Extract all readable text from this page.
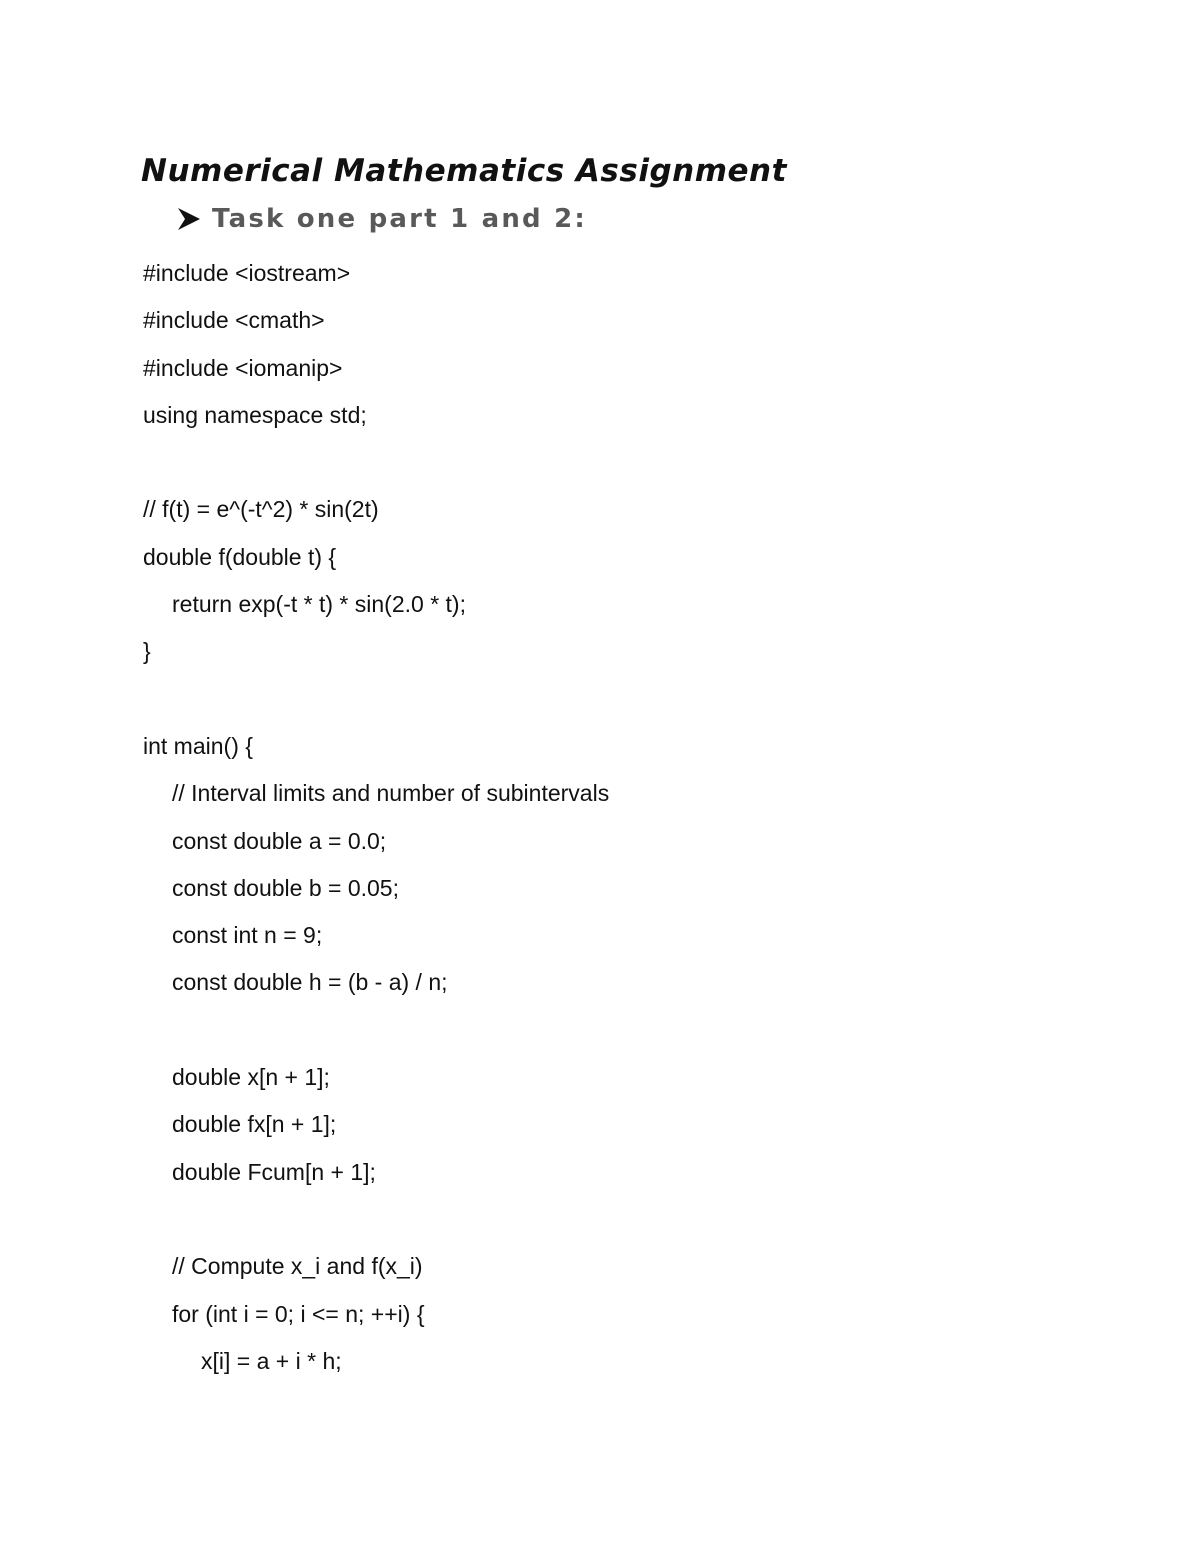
Numerical Mathematics Assignment
Task one part 1 and 2:
#include <iostream>
#include <cmath>
#include <iomanip>
using namespace std;
// f(t) = e^(-t^2) * sin(2t)
double f(double t) {
return exp(-t * t) * sin(2.0 * t);
}
int main() {
// Interval limits and number of subintervals
const double a = 0.0;
const double b = 0.05;
const int n = 9;
const double h = (b - a) / n;
double x[n + 1];
double fx[n + 1];
double Fcum[n + 1];
// Compute x_i and f(x_i)
for (int i = 0; i <= n; ++i) {
x[i] = a + i * h;
